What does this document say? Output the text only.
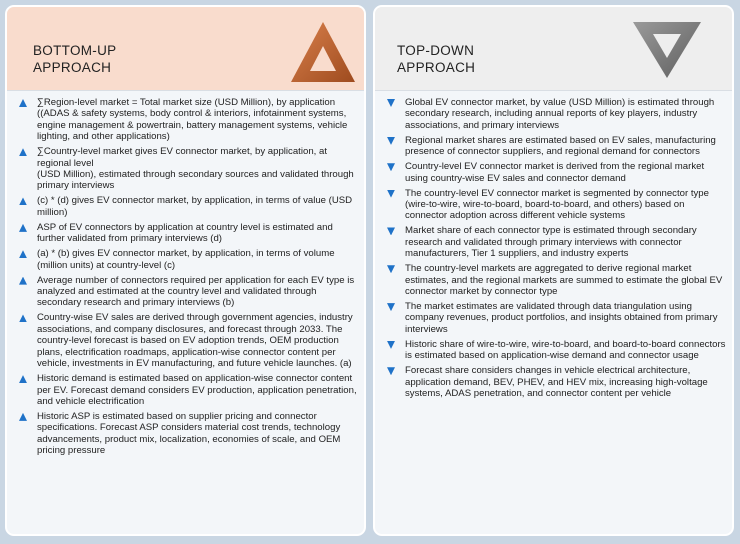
BOTTOM-UP
APPROACH
∑Region-level market = Total market size (USD Million), by application ((ADAS & safety systems, body control & interiors, infotainment systems, engine management & powertrain, battery management systems, vehicle lighting, and other applications)
∑Country-level market gives EV connector market, by application, at regional level
(USD Million), estimated through secondary sources and validated through primary interviews
(c) * (d) gives EV connector market, by application, in terms of value (USD million)
ASP of EV connectors by application at country level is estimated and further validated from primary interviews (d)
(a) * (b) gives EV connector market, by application, in terms of volume (million units) at country-level (c)
Average number of connectors required per application for each EV type is analyzed and estimated at the country level and validated through secondary research and primary interviews (b)
Country-wise EV sales are derived through government agencies, industry associations, and company disclosures, and forecast through 2033. The country-level forecast is based on EV adoption trends, OEM production plans, electrification roadmaps, application-wise connector content per vehicle, investments in EV manufacturing, and future vehicle launches. (a)
Historic demand is estimated based on application-wise connector content per EV. Forecast demand considers EV production, application penetration, and vehicle electrification
Historic ASP is estimated based on supplier pricing and connector specifications. Forecast ASP considers material cost trends, technology advancements, product mix, localization, economies of scale, and OEM pricing pressure
TOP-DOWN
APPROACH
Global EV connector market, by value (USD Million) is estimated through secondary research, including annual reports of key players, industry associations, and primary interviews
Regional market shares are estimated based on EV sales, manufacturing presence of connector suppliers, and regional demand for connectors
Country-level EV connector market is derived from the regional market using country-wise EV sales and connector demand
The country-level EV connector market is segmented by connector type (wire-to-wire, wire-to-board, board-to-board, and others) based on connector adoption across different vehicle systems
Market share of each connector type is estimated through secondary research and validated through primary interviews with connector manufacturers, Tier 1 suppliers, and industry experts
The country-level markets are aggregated to derive regional market estimates, and the regional markets are summed to estimate the global EV connector market by connector type
The market estimates are validated through data triangulation using company revenues, product portfolios, and insights obtained from primary interviews
Historic share of wire-to-wire, wire-to-board, and board-to-board connectors is estimated based on application-wise demand and connector usage
Forecast share considers changes in vehicle electrical architecture, application demand, BEV, PHEV, and HEV mix, increasing high-voltage systems, ADAS penetration, and connector content per vehicle
